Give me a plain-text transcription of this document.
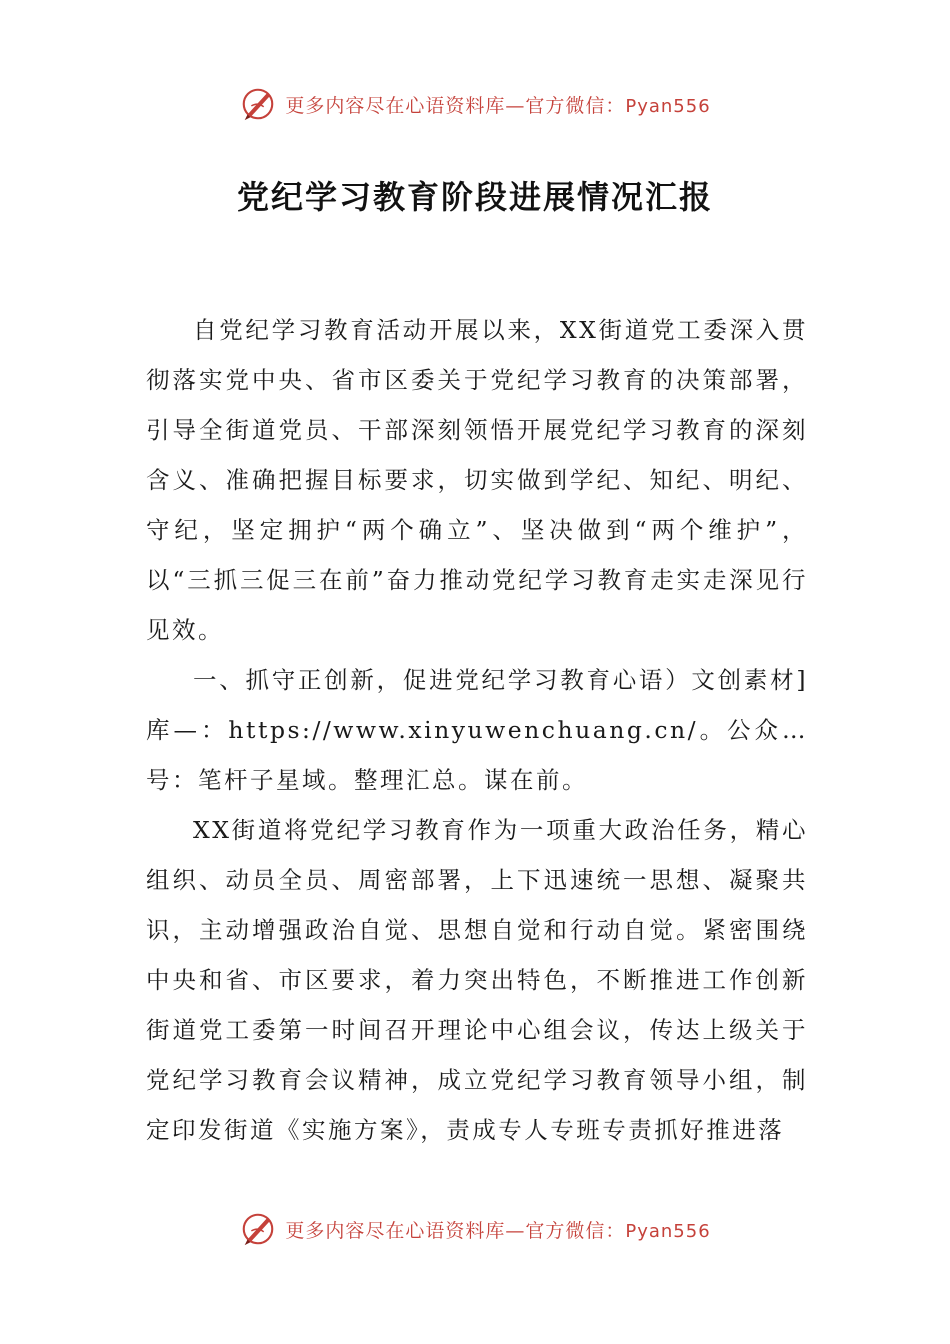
更多内容尽在心语资料库—官方微信：Pyan556
党纪学习教育阶段进展情况汇报

自党纪学习教育活动开展以来，XX街道党工委深入贯彻落实党中央、省市区委关于党纪学习教育的决策部署，引导全街道党员、干部深刻领悟开展党纪学习教育的深刻含义、准确把握目标要求，切实做到学纪、知纪、明纪、守纪，坚定拥护“两个确立”、坚决做到“两个维护”，以“三抓三促三在前”奋力推动党纪学习教育走实走深见行见效。

一、抓守正创新，促进党纪学习教育心语）文创素材]库—：https://www.xinyuwenchuang.cn/。公众…号：笔杆子星域。整理汇总。谋在前。

XX街道将党纪学习教育作为一项重大政治任务，精心组织、动员全员、周密部署，上下迅速统一思想、凝聚共识，主动增强政治自觉、思想自觉和行动自觉。紧密围绕中央和省、市区要求，着力突出特色，不断推进工作创新街道党工委第一时间召开理论中心组会议，传达上级关于党纪学习教育会议精神，成立党纪学习教育领导小组，制定印发街道《实施方案》，责成专人专班专责抓好推进落

更多内容尽在心语资料库—官方微信：Pyan556
